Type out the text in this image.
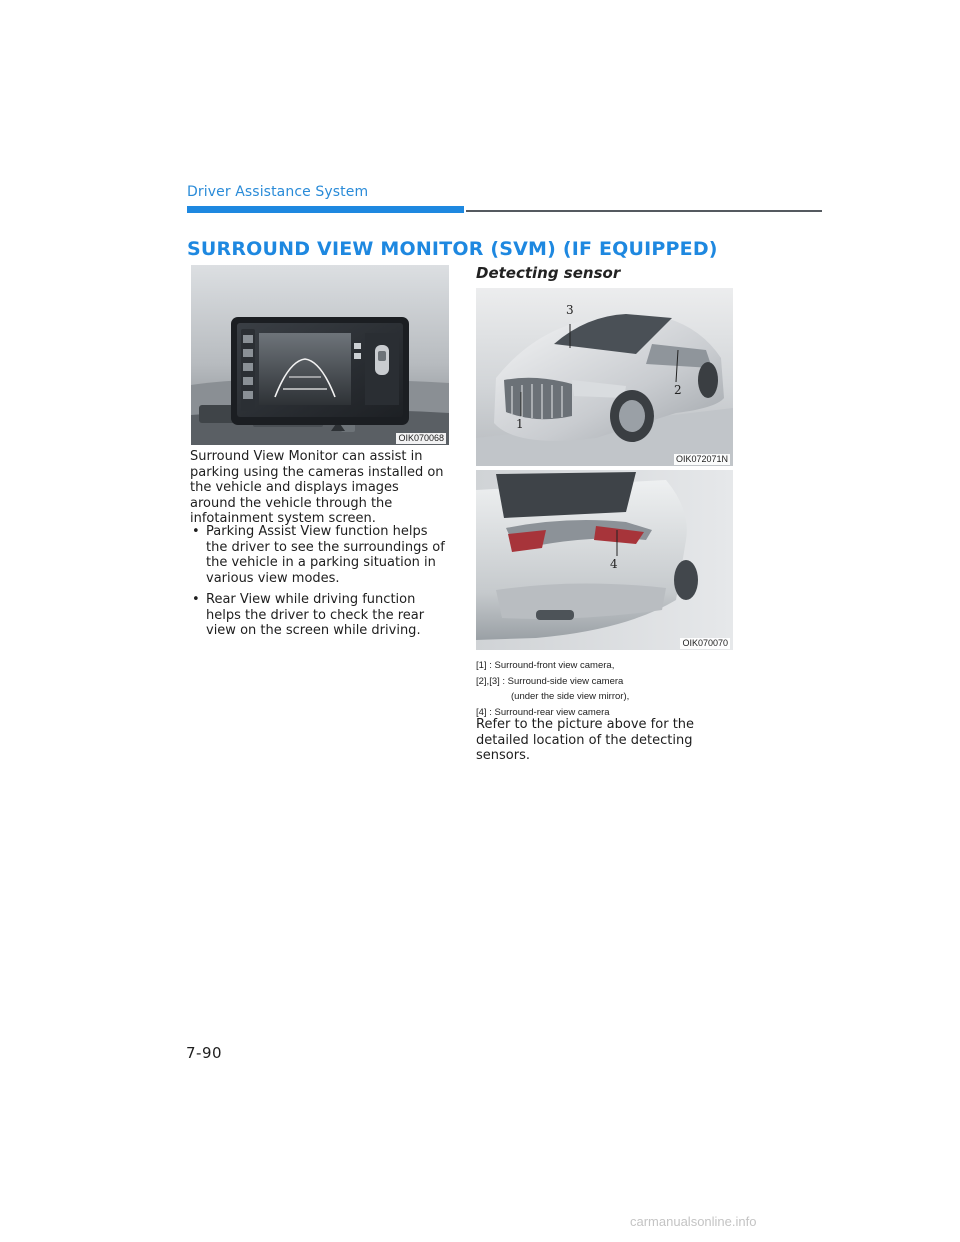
Driver Assistance System
SURROUND VIEW MONITOR (SVM) (IF EQUIPPED)
OIK070068
Surround View Monitor can assist in parking using the cameras installed on the vehicle and displays images around the vehicle through the infotainment system screen.
• Parking Assist View function helps the driver to see the surroundings of the vehicle in a parking situation in various view modes.
• Rear View while driving function helps the driver to check the rear view on the screen while driving.
Detecting sensor
1
2
3
OIK072071N
4
OIK070070
[1] : Surround-front view camera,
[2],[3] : Surround-side view camera
(under the side view mirror),
[4] : Surround-rear view camera
Refer to the picture above for the detailed location of the detecting sensors.
7-90
carmanualsonline.info
